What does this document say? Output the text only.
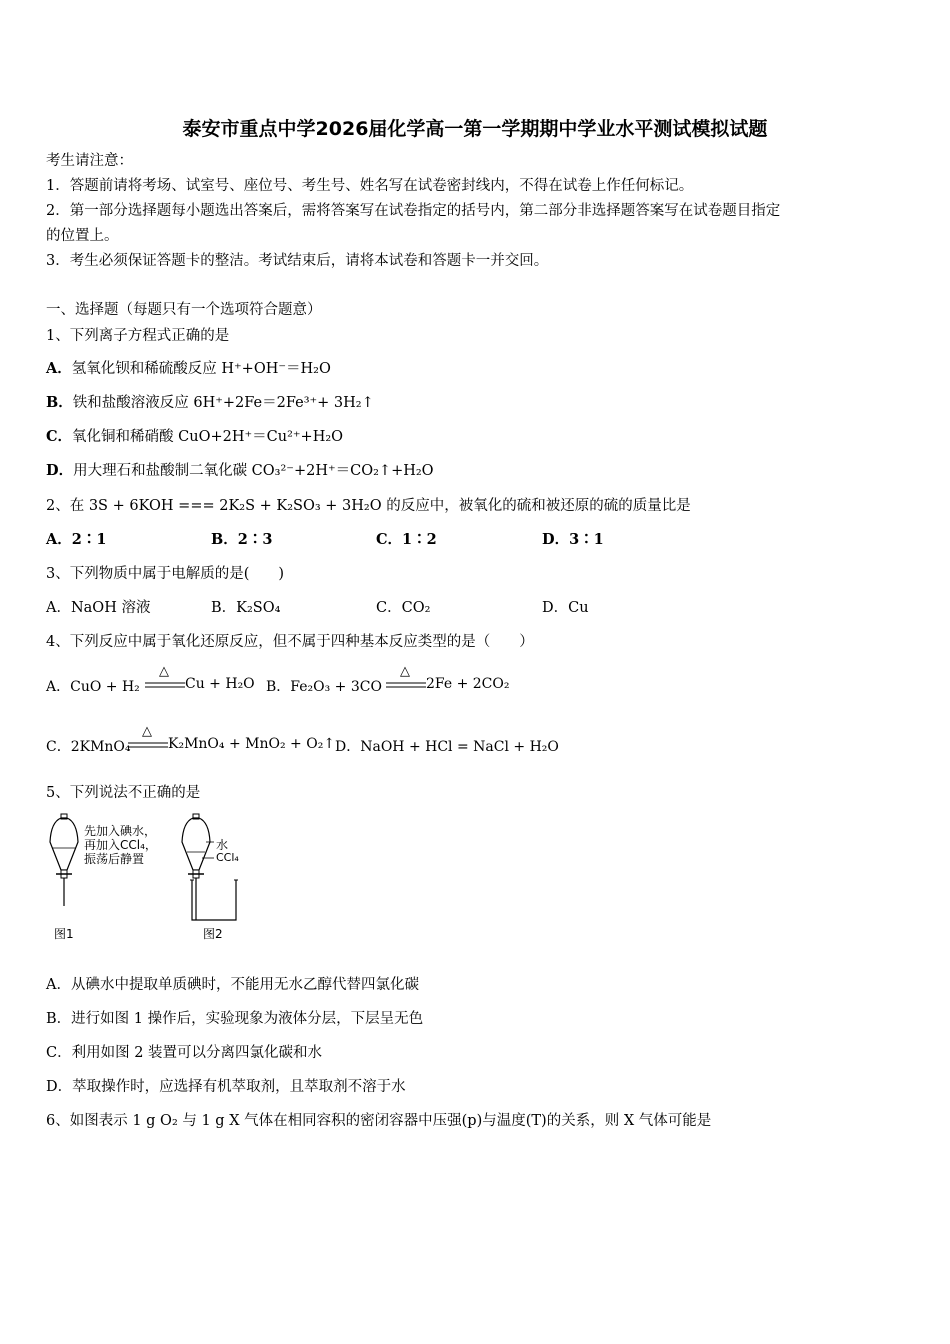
泰安市重点中学2026届化学高一第一学期期中学业水平测试模拟试题
考生请注意：
1．答题前请将考场、试室号、座位号、考生号、姓名写在试卷密封线内，不得在试卷上作任何标记。
2．第一部分选择题每小题选出答案后，需将答案写在试卷指定的括号内，第二部分非选择题答案写在试卷题目指定
的位置上。
3．考生必须保证答题卡的整洁。考试结束后，请将本试卷和答题卡一并交回。
一、选择题（每题只有一个选项符合题意）
1、下列离子方程式正确的是
A．氢氧化钡和稀硫酸反应 H⁺+OH⁻＝H₂O
B．铁和盐酸溶液反应 6H⁺+2Fe＝2Fe³⁺+ 3H₂↑
C．氧化铜和稀硝酸 CuO+2H⁺＝Cu²⁺+H₂O
D．用大理石和盐酸制二氧化碳 CO₃²⁻+2H⁺＝CO₂↑+H₂O
2、在 3S + 6KOH === 2K₂S + K₂SO₃ + 3H₂O 的反应中，被氧化的硫和被还原的硫的质量比是
A．2∶1	B．2∶3	C．1∶2	D．3∶1
3、下列物质中属于电解质的是(　　)
A．NaOH 溶液	B．K₂SO₄	C．CO₂	D．Cu
4、下列反应中属于氧化还原反应，但不属于四种基本反应类型的是（　　）
A．CuO + H₂
△
Cu + H₂O B．Fe₂O₃ + 3CO
△
2Fe + 2CO₂
C．2KMnO₄
△
K₂MnO₄ + MnO₂ + O₂↑ D．NaOH + HCl = NaCl + H₂O
5、下列说法不正确的是
先加入碘水，
再加入CCl₄，
振荡后静置
水
CCl₄
图1	图2
A．从碘水中提取单质碘时，不能用无水乙醇代替四氯化碳
B．进行如图 1 操作后，实验现象为液体分层，下层呈无色
C．利用如图 2 装置可以分离四氯化碳和水
D．萃取操作时，应选择有机萃取剂，且萃取剂不溶于水
6、如图表示 1 g O₂ 与 1 g X 气体在相同容积的密闭容器中压强(p)与温度(T)的关系，则 X 气体可能是
